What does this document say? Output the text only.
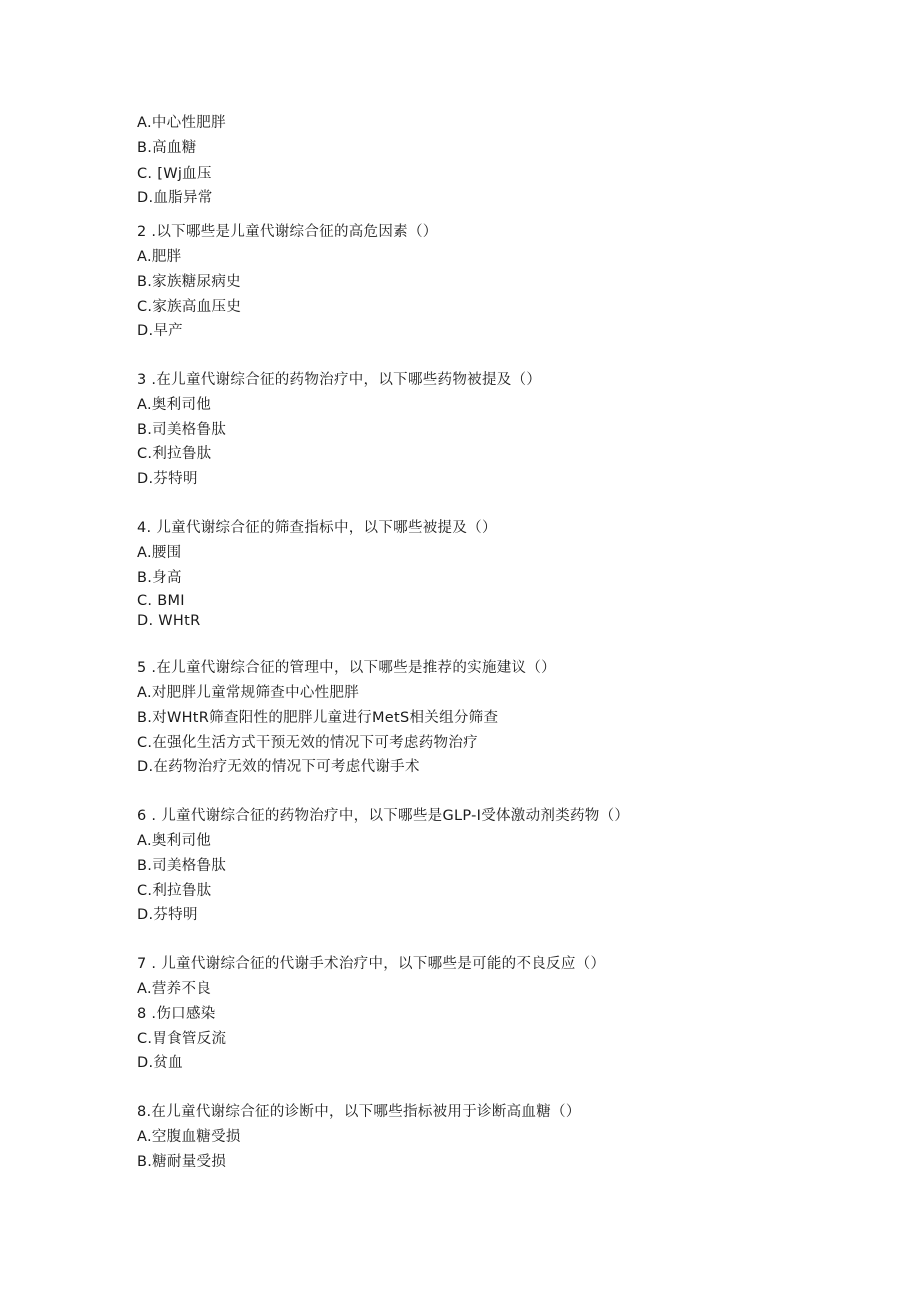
A.中心性肥胖
B.高血糖
C. [Wj血压
D.血脂异常
2 .以下哪些是儿童代谢综合征的高危因素（）
A.肥胖
B.家族糖尿病史
C.家族高血压史
D.早产
3 .在儿童代谢综合征的药物治疗中，以下哪些药物被提及（）
A.奥利司他
B.司美格鲁肽
C.利拉鲁肽
D.芬特明
4. 儿童代谢综合征的筛查指标中，以下哪些被提及（）
A.腰围
B.身高
C. BMI
D. WHtR
5 .在儿童代谢综合征的管理中，以下哪些是推荐的实施建议（）
A.对肥胖儿童常规筛查中心性肥胖
B.对WHtR筛查阳性的肥胖儿童进行MetS相关组分筛查
C.在强化生活方式干预无效的情况下可考虑药物治疗
D.在药物治疗无效的情况下可考虑代谢手术
6 . 儿童代谢综合征的药物治疗中，以下哪些是GLP-I受体激动剂类药物（）
A.奥利司他
B.司美格鲁肽
C.利拉鲁肽
D.芬特明
7 . 儿童代谢综合征的代谢手术治疗中，以下哪些是可能的不良反应（）
A.营养不良
8 .伤口感染
C.胃食管反流
D.贫血
8.在儿童代谢综合征的诊断中，以下哪些指标被用于诊断高血糖（）
A.空腹血糖受损
B.糖耐量受损
